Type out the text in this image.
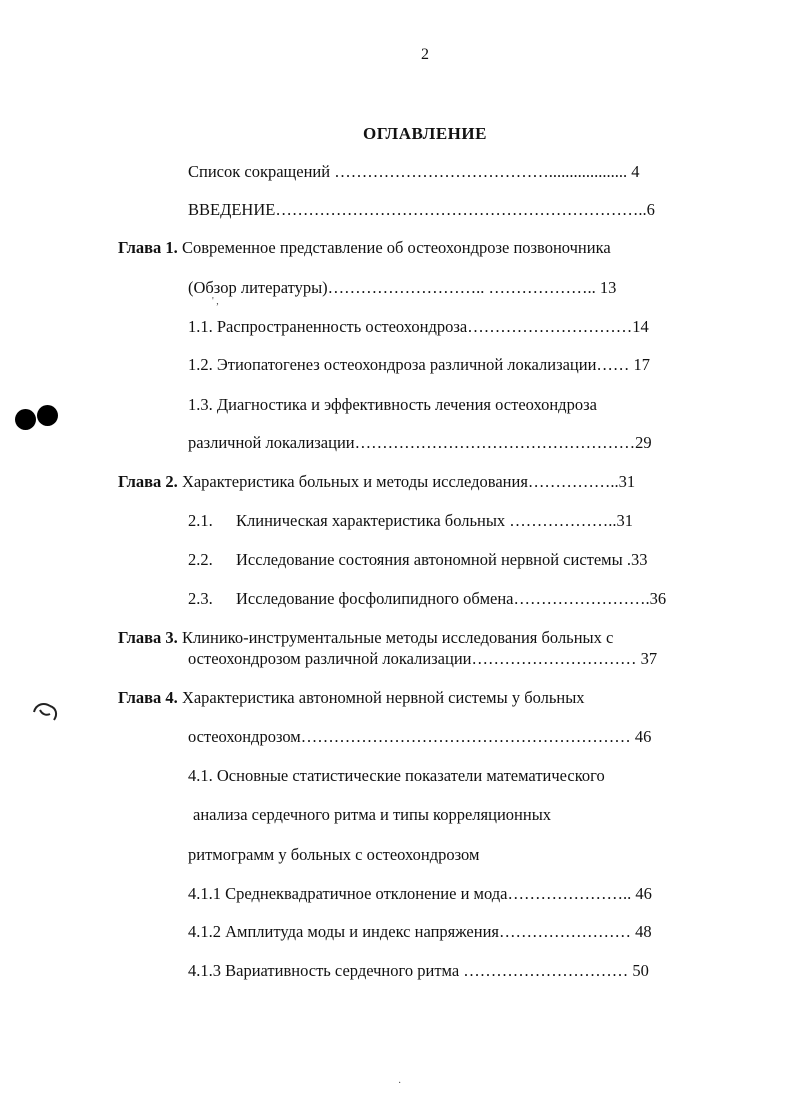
2
ОГЛАВЛЕНИЕ
Список сокращений …………………………………................... 4
ВВЕДЕНИЕ…………………………………………………………..6
Глава 1. Современное представление об остеохондрозе позвоночника
(Обзор литературы)……………………….. ……………….. 13
1.1. Распространенность остеохондроза…………………………14
1.2. Этиопатогенез остеохондроза различной локализации…… 17
1.3. Диагностика и эффективность лечения остеохондроза
различной локализации……………………………………………29
Глава 2. Характеристика больных и методы исследования……………..31
2.1. Клиническая характеристика больных ………………..31
2.2. Исследование состояния автономной нервной системы .33
2.3. Исследование фосфолипидного обмена…………………….36
Глава 3. Клинико-инструментальные методы исследования больных с
остеохондрозом различной локализации………………………… 37
Глава 4. Характеристика автономной нервной системы у больных
остеохондрозом…………………………………………………… 46
4.1. Основные статистические показатели математического
анализа сердечного ритма и типы корреляционных
ритмограмм у больных с остеохондрозом
4.1.1 Среднеквадратичное отклонение и мода………………….. 46
4.1.2 Амплитуда моды и индекс напряжения…………………… 48
4.1.3 Вариативность сердечного ритма ………………………… 50
' ,
·
